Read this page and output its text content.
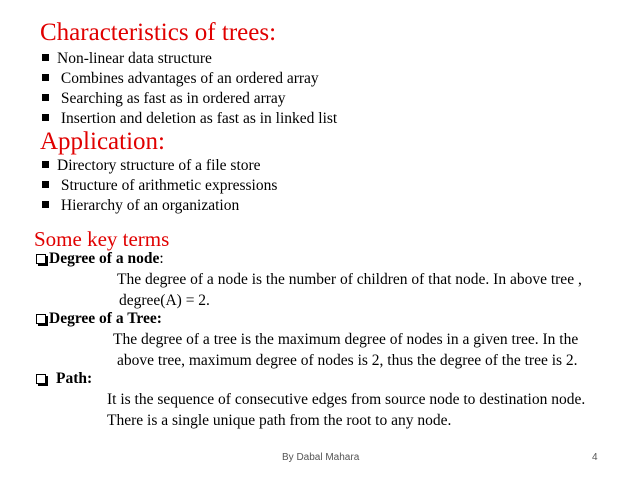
Characteristics of trees:
Non-linear data structure
Combines advantages of an ordered array
Searching as fast as in ordered array
Insertion and deletion as fast as in linked list
Application:
Directory structure of a file store
Structure of arithmetic expressions
Hierarchy of an organization
Some key terms
Degree of a node:
The degree of a node is the number of children of that node. In above tree ,
degree(A) = 2.
Degree of a Tree:
The degree of a tree is the maximum degree of nodes in a given tree. In the
above tree, maximum degree of nodes is 2, thus the degree of the tree is 2.
Path:
It is the sequence of consecutive edges from source node to destination node.
There is a single unique path from the root to any node.
By Dabal Mahara	4
